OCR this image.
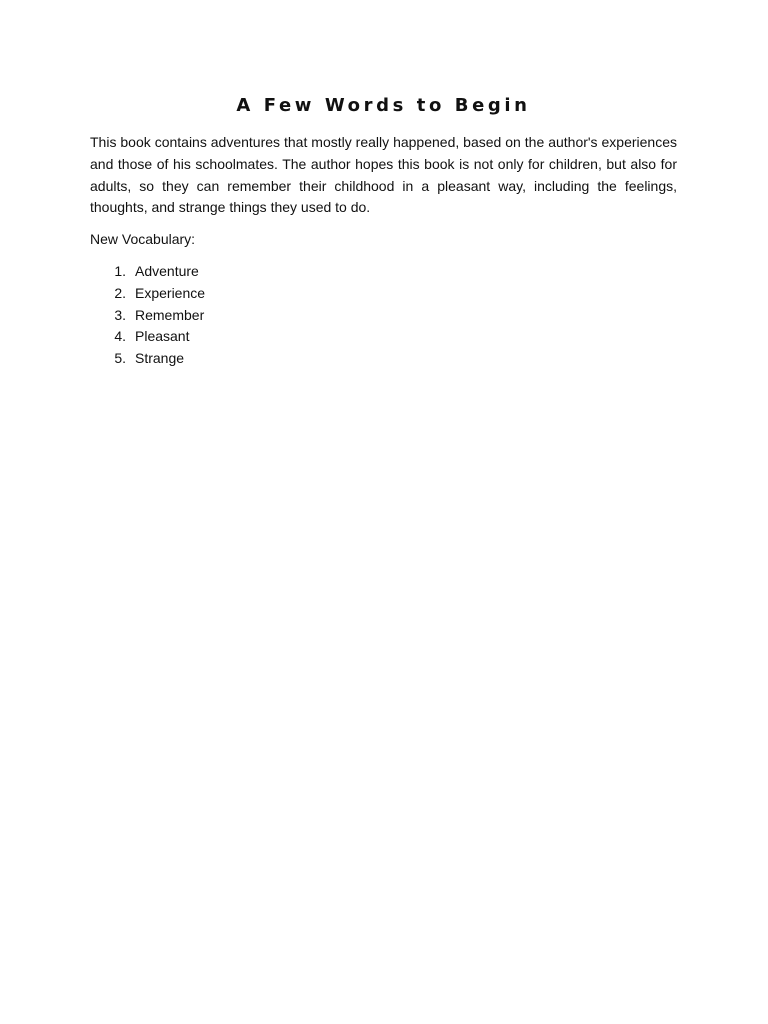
A Few Words to Begin

This book contains adventures that mostly really happened, based on the author's experiences and those of his schoolmates. The author hopes this book is not only for children, but also for adults, so they can remember their childhood in a pleasant way, including the feelings, thoughts, and strange things they used to do.

New Vocabulary:

1. Adventure
2. Experience
3. Remember
4. Pleasant
5. Strange
